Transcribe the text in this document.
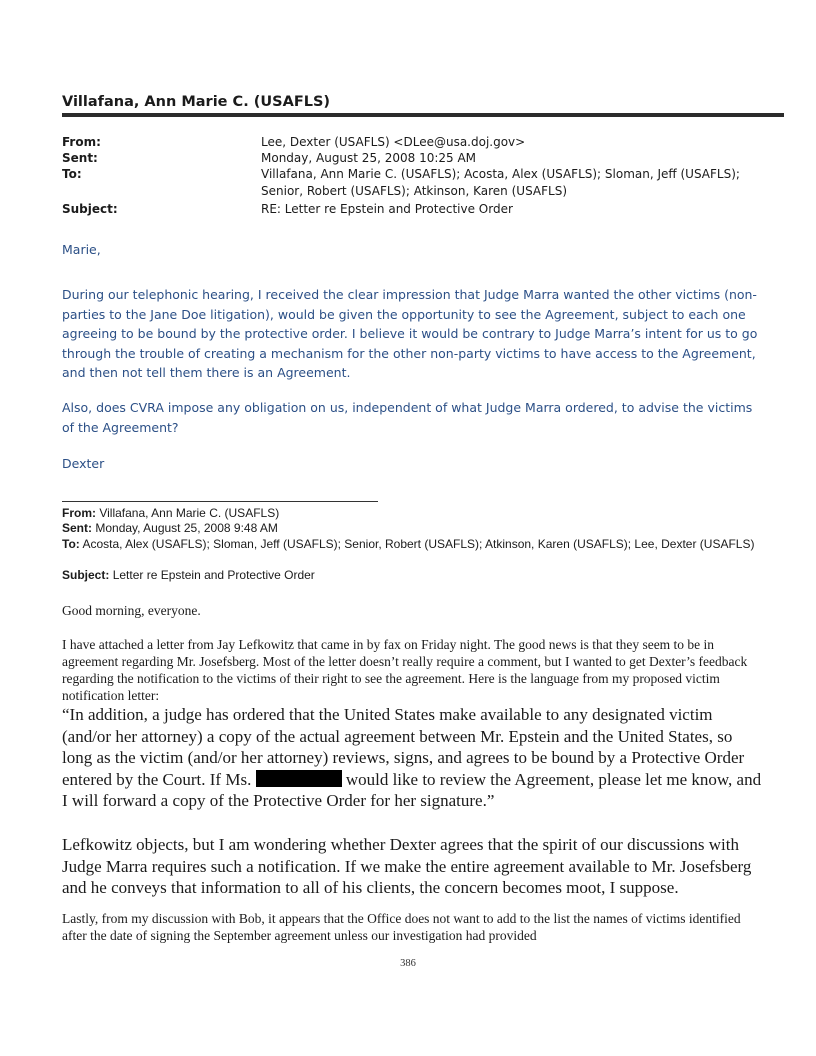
Villafana, Ann Marie C. (USAFLS)
From:	Lee, Dexter (USAFLS) <DLee@usa.doj.gov>
Sent:	Monday, August 25, 2008 10:25 AM
To:	Villafana, Ann Marie C. (USAFLS); Acosta, Alex (USAFLS); Sloman, Jeff (USAFLS); Senior, Robert (USAFLS); Atkinson, Karen (USAFLS)
Subject:	RE: Letter re Epstein and Protective Order
Marie,
During our telephonic hearing, I received the clear impression that Judge Marra wanted the other victims (non-parties to the Jane Doe litigation), would be given the opportunity to see the Agreement, subject to each one agreeing to be bound by the protective order. I believe it would be contrary to Judge Marra’s intent for us to go through the trouble of creating a mechanism for the other non-party victims to have access to the Agreement, and then not tell them there is an Agreement.
Also, does CVRA impose any obligation on us, independent of what Judge Marra ordered, to advise the victims of the Agreement?
Dexter
From: Villafana, Ann Marie C. (USAFLS)
Sent: Monday, August 25, 2008 9:48 AM
To: Acosta, Alex (USAFLS); Sloman, Jeff (USAFLS); Senior, Robert (USAFLS); Atkinson, Karen (USAFLS); Lee, Dexter (USAFLS)
Subject: Letter re Epstein and Protective Order
Good morning, everyone.
I have attached a letter from Jay Lefkowitz that came in by fax on Friday night. The good news is that they seem to be in agreement regarding Mr. Josefsberg. Most of the letter doesn’t really require a comment, but I wanted to get Dexter’s feedback regarding the notification to the victims of their right to see the agreement. Here is the language from my proposed victim notification letter:
“In addition, a judge has ordered that the United States make available to any designated victim (and/or her attorney) a copy of the actual agreement between Mr. Epstein and the United States, so long as the victim (and/or her attorney) reviews, signs, and agrees to be bound by a Protective Order entered by the Court. If Ms.	would like to review the Agreement, please let me know, and I will forward a copy of the Protective Order for her signature.”
Lefkowitz objects, but I am wondering whether Dexter agrees that the spirit of our discussions with Judge Marra requires such a notification. If we make the entire agreement available to Mr. Josefsberg and he conveys that information to all of his clients, the concern becomes moot, I suppose.
Lastly, from my discussion with Bob, it appears that the Office does not want to add to the list the names of victims identified after the date of signing the September agreement unless our investigation had provided
386
